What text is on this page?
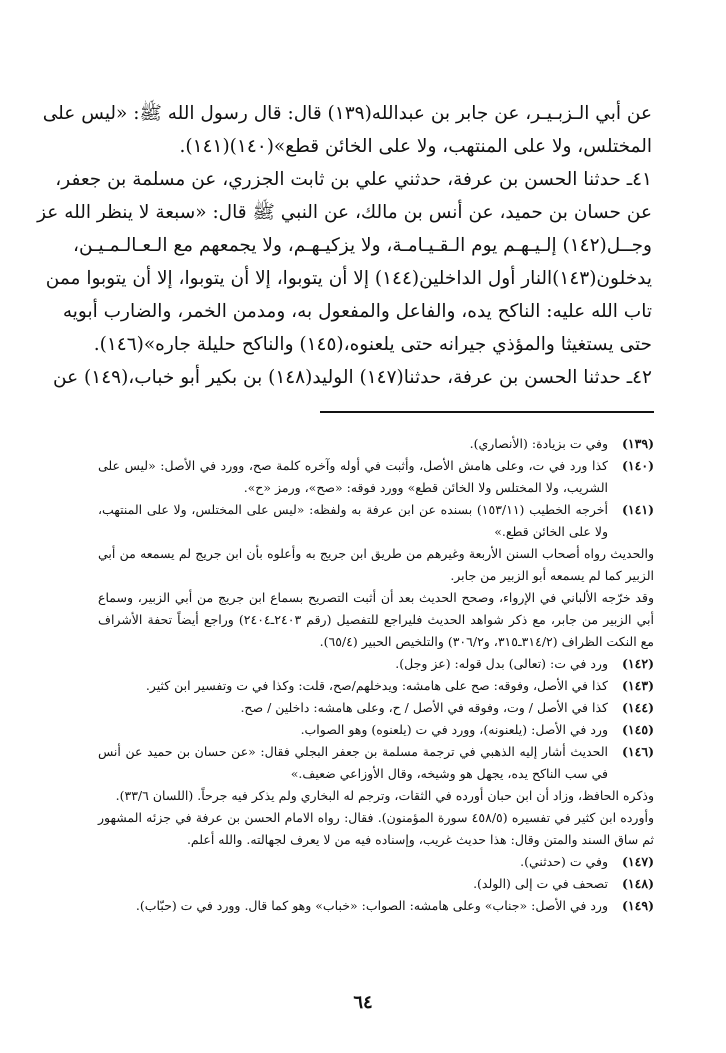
عن أبي الـزبـيـر، عن جابر بن عبدالله(١٣٩) قال: قال رسول الله ﷺ: «ليس على
المختلس، ولا على المنتهب، ولا على الخائن قطع»(١٤٠)(١٤١).
٤١ـ حدثنا الحسن بن عرفة، حدثني علي بن ثابت الجزري، عن مسلمة بن جعفر،
عن حسان بن حميد، عن أنس بن مالك، عن النبي ﷺ قال: «سبعة لا ينظر الله عز
وجــل(١٤٢) إلـيـهـم يوم الـقـيـامـة، ولا يزكيـهـم، ولا يجمعهم مع الـعـالـمـيـن،
يدخلون(١٤٣)النار أول الداخلين(١٤٤) إلا أن يتوبوا، إلا أن يتوبوا، إلا أن يتوبوا ممن
تاب الله عليه: الناكح يده، والفاعل والمفعول به، ومدمن الخمر، والضارب أبويه
حتى يستغيثا والمؤذي جيرانه حتى يلعنوه،(١٤٥) والناكح حليلة جاره»(١٤٦).
٤٢ـ حدثنا الحسن بن عرفة، حدثنا(١٤٧) الوليد(١٤٨) بن بكير أبو خباب،(١٤٩) عن
(١٣٩)
وفي ت بزيادة: (الأنصاري).
(١٤٠)
كذا ورد في ت، وعلى هامش الأصل، وأثبت في أوله وآخره كلمة صح، وورد في الأصل: «ليس على الشريب، ولا المختلس ولا الخائن قطع» وورد فوقه: «صح»، ورمز «ح».
(١٤١)
أخرجه الخطيب (١٥٣/١١) بسنده عن ابن عرفة به ولفظه: «ليس على المختلس، ولا على المنتهب، ولا على الخائن قطع.»
والحديث رواه أصحاب السنن الأربعة وغيرهم من طريق ابن جريج به وأعلوه بأن ابن جريج لم يسمعه من أبي الزبير كما لم يسمعه أبو الزبير من جابر.
وقد خرّجه الألباني في الإرواء، وصحح الحديث بعد أن أثبت التصريح بسماع ابن جريج من أبي الزبير، وسماع أبي الزبير من جابر، مع ذكر شواهد الحديث فليراجع للتفصيل (رقم ٢٤٠٣ـ٢٤٠٤) وراجع أيضاً تحفة الأشراف مع النكت الظراف (٣١٤/٢ـ٣١٥، و٣٠٦/٢) والتلخيص الحبير (٦٥/٤).
(١٤٢)
ورد في ت: (تعالى) بدل قوله: (عز وجل).
(١٤٣)
كذا في الأصل، وفوقه: صح على هامشه: ويدخلهم/صح، قلت: وكذا في ت وتفسير ابن كثير.
(١٤٤)
كذا في الأصل / وت، وفوقه في الأصل / ح، وعلى هامشه: داخلين / صح.
(١٤٥)
ورد في الأصل: (يلعنونه)، وورد في ت (يلعنوه) وهو الصواب.
(١٤٦)
الحديث أشار إليه الذهبي في ترجمة مسلمة بن جعفر البجلي فقال: «عن حسان بن حميد عن أنس في سب الناكح يده، يجهل هو وشيخه، وقال الأوزاعي ضعيف.»
وذكره الحافظ، وزاد أن ابن حبان أورده في الثقات، وترجم له البخاري ولم يذكر فيه جرحاً. (اللسان ٣٣/٦).
وأورده ابن كثير في تفسيره (٤٥٨/٥ سورة المؤمنون). فقال: رواه الامام الحسن بن عرفة في جزئه المشهور ثم ساق السند والمتن وقال: هذا حديث غريب، وإسناده فيه من لا يعرف لجهالته. والله أعلم.
(١٤٧)
وفي ت (حدثني).
(١٤٨)
تصحف في ت إلى (الولد).
(١٤٩)
ورد في الأصل: «جناب» وعلى هامشه: الصواب: «خباب» وهو كما قال. وورد في ت (حبّاب).
٦٤
